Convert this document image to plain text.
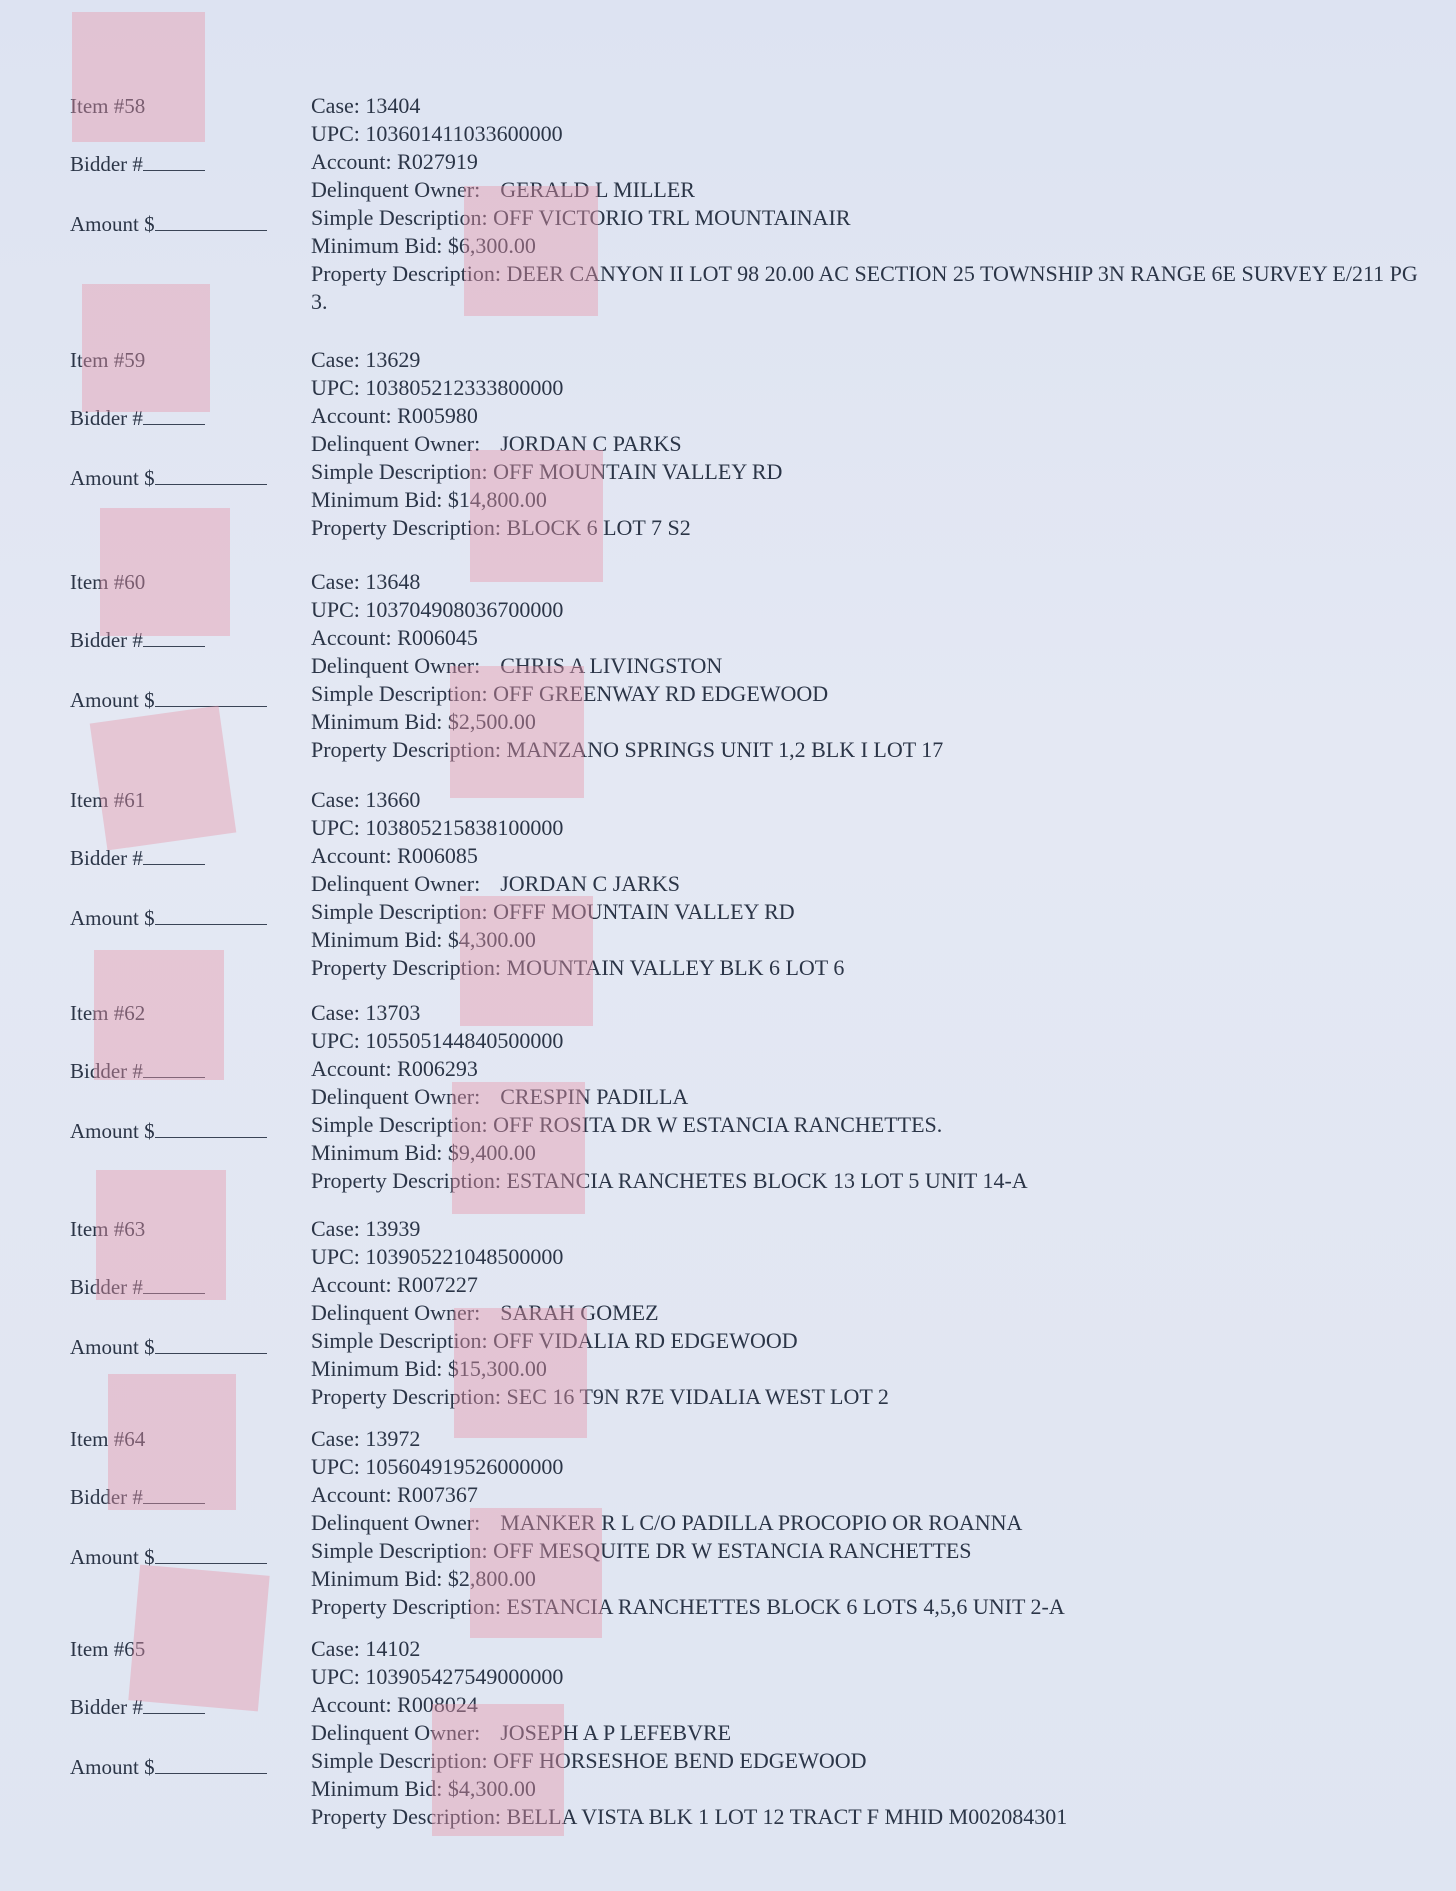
Item #58
Bidder #
Amount $
Case: 13404
UPC: 103601411033600000
Account: R027919
Delinquent Owner: GERALD L MILLER
Simple Description: OFF VICTORIO TRL MOUNTAINAIR
Minimum Bid: $6,300.00
Property Description: DEER CANYON II LOT 98 20.00 AC SECTION 25 TOWNSHIP 3N RANGE 6E SURVEY E/211 PG 3.
Item #59
Bidder #
Amount $
Case: 13629
UPC: 103805212333800000
Account: R005980
Delinquent Owner: JORDAN C PARKS
Simple Description: OFF MOUNTAIN VALLEY RD
Minimum Bid: $14,800.00
Property Description: BLOCK 6 LOT 7 S2
Item #60
Bidder #
Amount $
Case: 13648
UPC: 103704908036700000
Account: R006045
Delinquent Owner: CHRIS A LIVINGSTON
Simple Description: OFF GREENWAY RD EDGEWOOD
Minimum Bid: $2,500.00
Property Description: MANZANO SPRINGS UNIT 1,2 BLK I LOT 17
Item #61
Bidder #
Amount $
Case: 13660
UPC: 103805215838100000
Account: R006085
Delinquent Owner: JORDAN C JARKS
Simple Description: OFFF MOUNTAIN VALLEY RD
Minimum Bid: $4,300.00
Property Description: MOUNTAIN VALLEY BLK 6 LOT 6
Item #62
Bidder #
Amount $
Case: 13703
UPC: 105505144840500000
Account: R006293
Delinquent Owner: CRESPIN PADILLA
Simple Description: OFF ROSITA DR W ESTANCIA RANCHETTES.
Minimum Bid: $9,400.00
Property Description: ESTANCIA RANCHETES BLOCK 13 LOT 5 UNIT 14-A
Item #63
Bidder #
Amount $
Case: 13939
UPC: 103905221048500000
Account: R007227
Delinquent Owner: SARAH GOMEZ
Simple Description: OFF VIDALIA RD EDGEWOOD
Minimum Bid: $15,300.00
Property Description: SEC 16 T9N R7E VIDALIA WEST LOT 2
Item #64
Bidder #
Amount $
Case: 13972
UPC: 105604919526000000
Account: R007367
Delinquent Owner: MANKER R L C/O PADILLA PROCOPIO OR ROANNA
Simple Description: OFF MESQUITE DR W ESTANCIA RANCHETTES
Minimum Bid: $2,800.00
Property Description: ESTANCIA RANCHETTES BLOCK 6 LOTS 4,5,6 UNIT 2-A
Item #65
Bidder #
Amount $
Case: 14102
UPC: 103905427549000000
Account: R008024
Delinquent Owner: JOSEPH A P LEFEBVRE
Simple Description: OFF HORSESHOE BEND EDGEWOOD
Minimum Bid: $4,300.00
Property Description: BELLA VISTA BLK 1 LOT 12 TRACT F MHID M002084301
